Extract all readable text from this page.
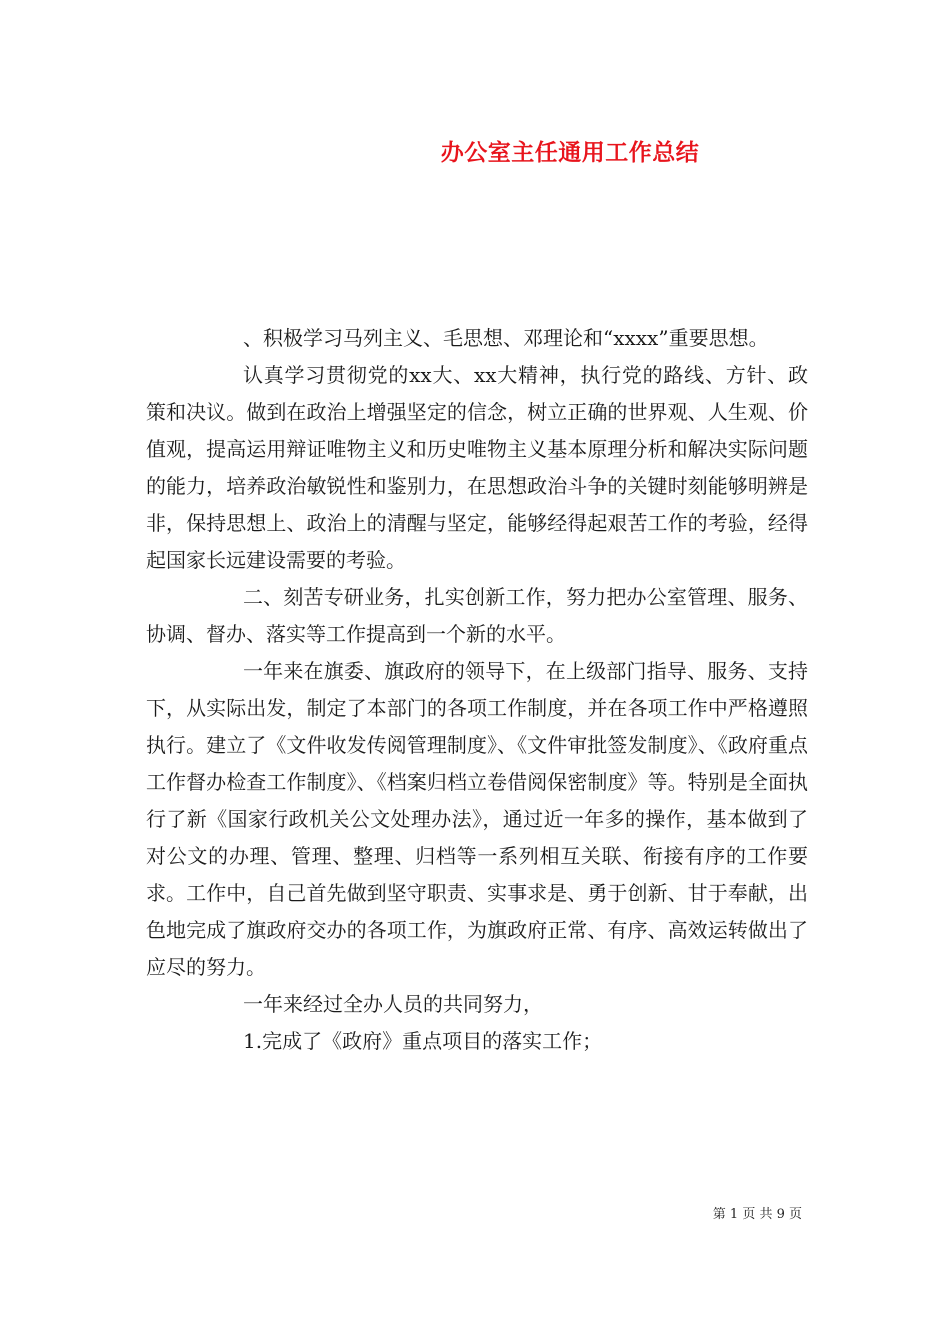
办公室主任通用工作总结

、积极学习马列主义、毛思想、邓理论和“xxxx”重要思想。

认真学习贯彻党的xx大、xx大精神，执行党的路线、方针、政策和决议。做到在政治上增强坚定的信念，树立正确的世界观、人生观、价值观，提高运用辩证唯物主义和历史唯物主义基本原理分析和解决实际问题的能力，培养政治敏锐性和鉴别力，在思想政治斗争的关键时刻能够明辨是非，保持思想上、政治上的清醒与坚定，能够经得起艰苦工作的考验，经得起国家长远建设需要的考验。

二、刻苦专研业务，扎实创新工作，努力把办公室管理、服务、协调、督办、落实等工作提高到一个新的水平。

一年来在旗委、旗政府的领导下，在上级部门指导、服务、支持下，从实际出发，制定了本部门的各项工作制度，并在各项工作中严格遵照执行。建立了《文件收发传阅管理制度》、《文件审批签发制度》、《政府重点工作督办检查工作制度》、《档案归档立卷借阅保密制度》等。特别是全面执行了新《国家行政机关公文处理办法》，通过近一年多的操作，基本做到了对公文的办理、管理、整理、归档等一系列相互关联、衔接有序的工作要求。工作中，自己首先做到坚守职责、实事求是、勇于创新、甘于奉献，出色地完成了旗政府交办的各项工作，为旗政府正常、有序、高效运转做出了应尽的努力。

一年来经过全办人员的共同努力，

1.完成了《政府》重点项目的落实工作；

第 1 页 共 9 页
